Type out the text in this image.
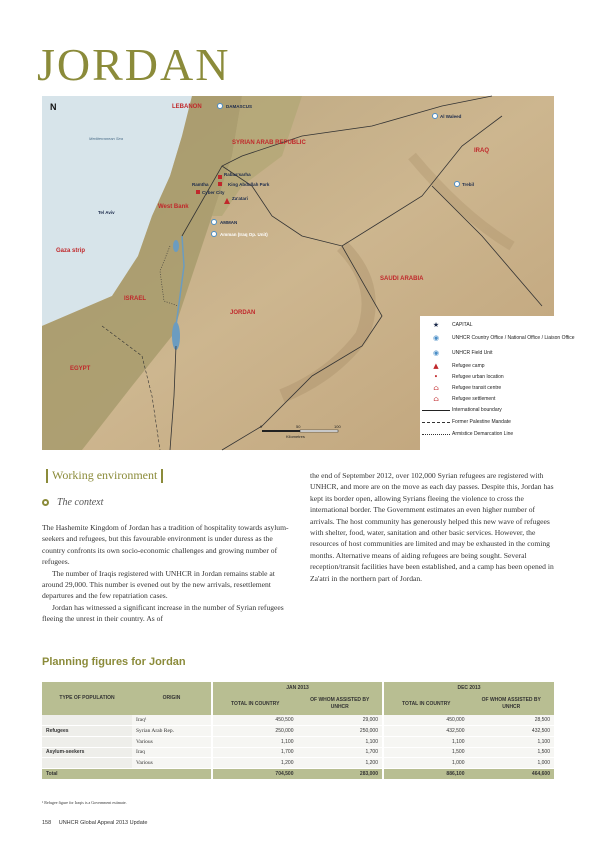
JORDAN
N	LEBANON
SYRIAN ARAB REPUBLIC
IRAQ
West Bank
Gaza strip
ISRAEL
JORDAN
SAUDI ARABIA
EGYPT
Mediterranean Sea
DAMASCUS
Al Waleed
Ramtha
Rabaa'sarha
King Abdullah Park
Cyber City
Za'atari
Trebil
Tel Aviv
AMMAN
Amman (Iraq Op. Unit)
0	50	100
Kilometres
★	CAPITAL
◉	UNHCR Country Office / National Office / Liaison Office
◉	UNHCR Field Unit
▲	Refugee camp
•	Refugee urban location
⌂	Refugee transit centre
⌂	Refugee settlement
International boundary
Former Palestine Mandate
Armistice Demarcation Line
Working environment
The context

The Hashemite Kingdom of Jordan has a tradition of hospitality towards asylum-seekers and refugees, but this favourable environment is under duress as the country confronts its own socio-economic challenges and growing number of refugees.

The number of Iraqis registered with UNHCR in Jordan remains stable at around 29,000. This number is evened out by the new arrivals, resettlement departures and the few repatriation cases.

Jordan has witnessed a significant increase in the number of Syrian refugees fleeing the unrest in their country. As of

the end of September 2012, over 102,000 Syrian refugees are registered with UNHCR, and more are on the move as each day passes. Despite this, Jordan has kept its border open, allowing Syrians fleeing the violence to cross the international border. The Government estimates an even higher number of arrivals. The host community has generously helped this new wave of refugees with shelter, food, water, sanitation and other basic services. However, the resources of host communities are limited and may be exhausted in the coming months. Alternative means of aiding refugees are being sought. Several reception/transit facilities have been established, and a camp has been opened in Za'atri in the northern part of Jordan.

Planning figures for Jordan
TYPE OF POPULATION	ORIGIN	JAN 2013		DEC 2013	
		TOTAL IN COUNTRY	OF WHOM ASSISTED BY UNHCR	TOTAL IN COUNTRY	OF WHOM ASSISTED BY UNHCR
	Iraq¹	450,500	29,000	450,000	28,500
Refugees	Syrian Arab Rep.	250,000	250,000	432,500	432,500
	Various	1,100	1,100	1,100	1,100
Asylum-seekers	Iraq	1,700	1,700	1,500	1,500
	Various	1,200	1,200	1,000	1,000
Total		704,500	283,000	886,100	464,600
¹ Refugee figure for Iraqis is a Government estimate.
158 UNHCR Global Appeal 2013 Update
